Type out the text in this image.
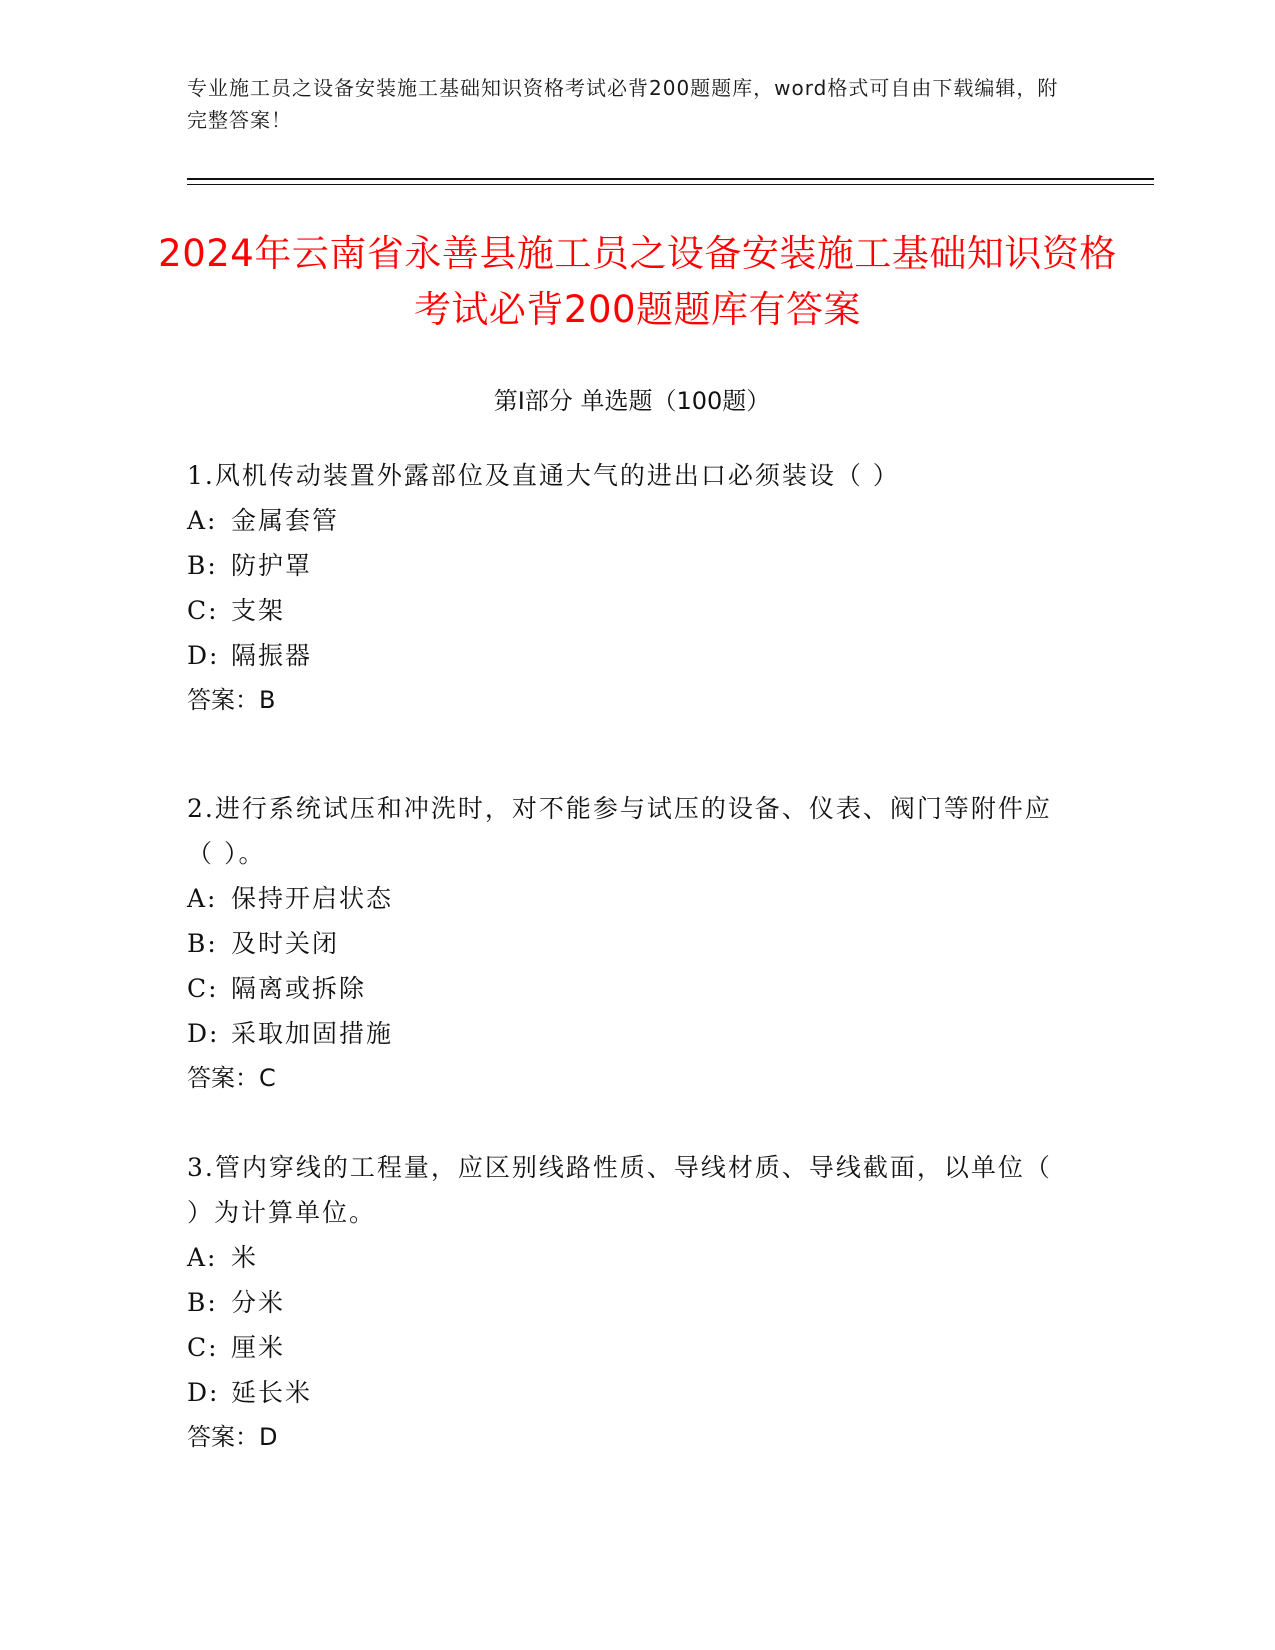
专业施工员之设备安装施工基础知识资格考试必背200题题库，word格式可自由下载编辑，附完整答案！
2024年云南省永善县施工员之设备安装施工基础知识资格考试必背200题题库有答案
第Ⅰ部分 单选题（100题）

1.风机传动装置外露部位及直通大气的进出口必须装设（ ）

A: 金属套管

B: 防护罩

C: 支架

D: 隔振器

答案：B

2.进行系统试压和冲洗时，对不能参与试压的设备、仪表、阀门等附件应（ ）。

A: 保持开启状态

B: 及时关闭

C: 隔离或拆除

D: 采取加固措施

答案：C

3.管内穿线的工程量，应区别线路性质、导线材质、导线截面，以单位（ ）为计算单位。

A: 米

B: 分米

C: 厘米

D: 延长米

答案：D
